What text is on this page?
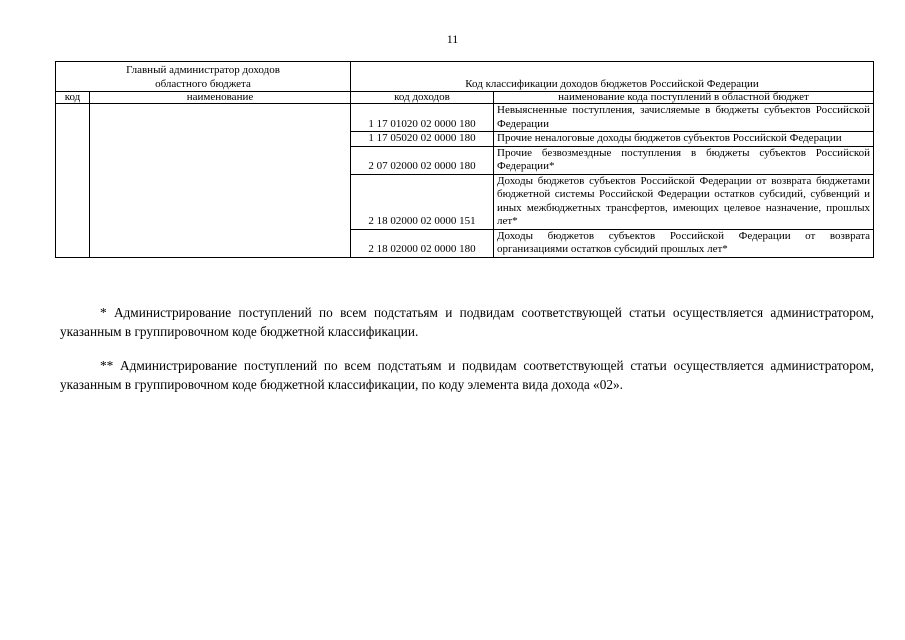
11
Главный администратор доходов областного бюджета		Код классификации доходов бюджетов Российской Федерации	
код	наименование	код доходов	наименование кода поступлений в областной бюджет
		1 17 01020 02 0000 180	Невыясненные поступления, зачисляемые в бюджеты субъектов Российской Федерации
		1 17 05020 02 0000 180	Прочие неналоговые доходы бюджетов субъектов Российской Федерации
		2 07 02000 02 0000 180	Прочие безвозмездные поступления в бюджеты субъектов Российской Федерации*
		2 18 02000 02 0000 151	Доходы бюджетов субъектов Российской Федерации от возврата бюджетами бюджетной системы Российской Федерации остатков субсидий, субвенций и иных межбюджетных трансфертов, имеющих целевое назначение, прошлых лет*
		2 18 02000 02 0000 180	Доходы бюджетов субъектов Российской Федерации от возврата организациями остатков субсидий прошлых лет*

* Администрирование поступлений по всем подстатьям и подвидам соответствующей статьи осуществляется администратором, указанным в группировочном коде бюджетной классификации.

** Администрирование поступлений по всем подстатьям и подвидам соответствующей статьи осуществляется администратором, указанным в группировочном коде бюджетной классификации, по коду элемента вида дохода «02».
